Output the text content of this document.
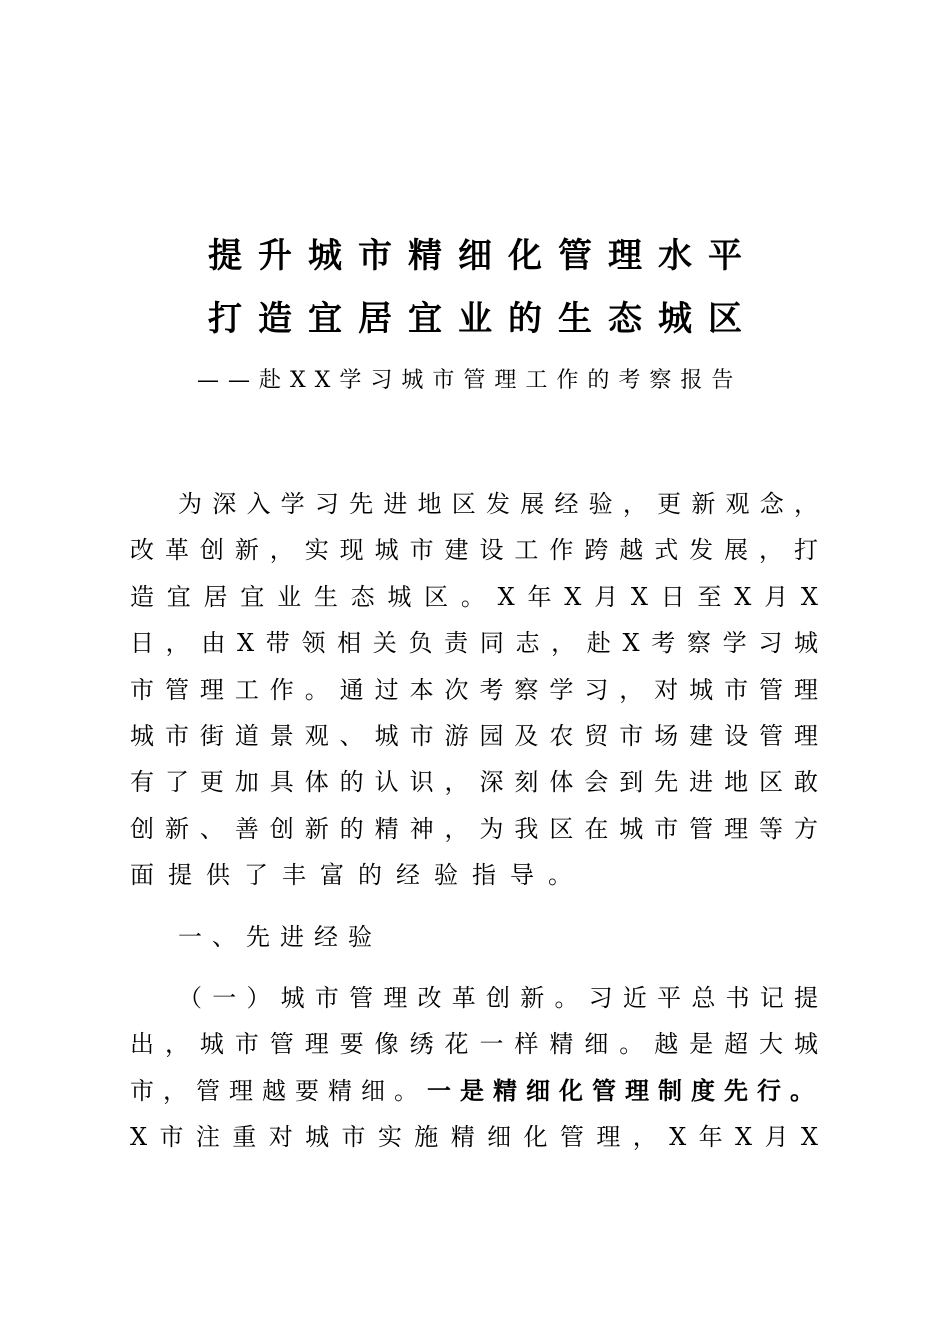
提升城市精细化管理水平
打造宜居宜业的生态城区
——赴XX学习城市管理工作的考察报告
为深入学习先进地区发展经验，更新观念，
改革创新，实现城市建设工作跨越式发展，打
造宜居宜业生态城区。X年X月X日至X月X
日，由X带领相关负责同志，赴X考察学习城
市管理工作。通过本次考察学习，对城市管理
城市街道景观、城市游园及农贸市场建设管理
有了更加具体的认识，深刻体会到先进地区敢
创新、善创新的精神，为我区在城市管理等方
面提供了丰富的经验指导。
一、先进经验
（一）城市管理改革创新。习近平总书记提
出，城市管理要像绣花一样精细。越是超大城
市，管理越要精细。一是精细化管理制度先行。
X市注重对城市实施精细化管理，X年X月X
